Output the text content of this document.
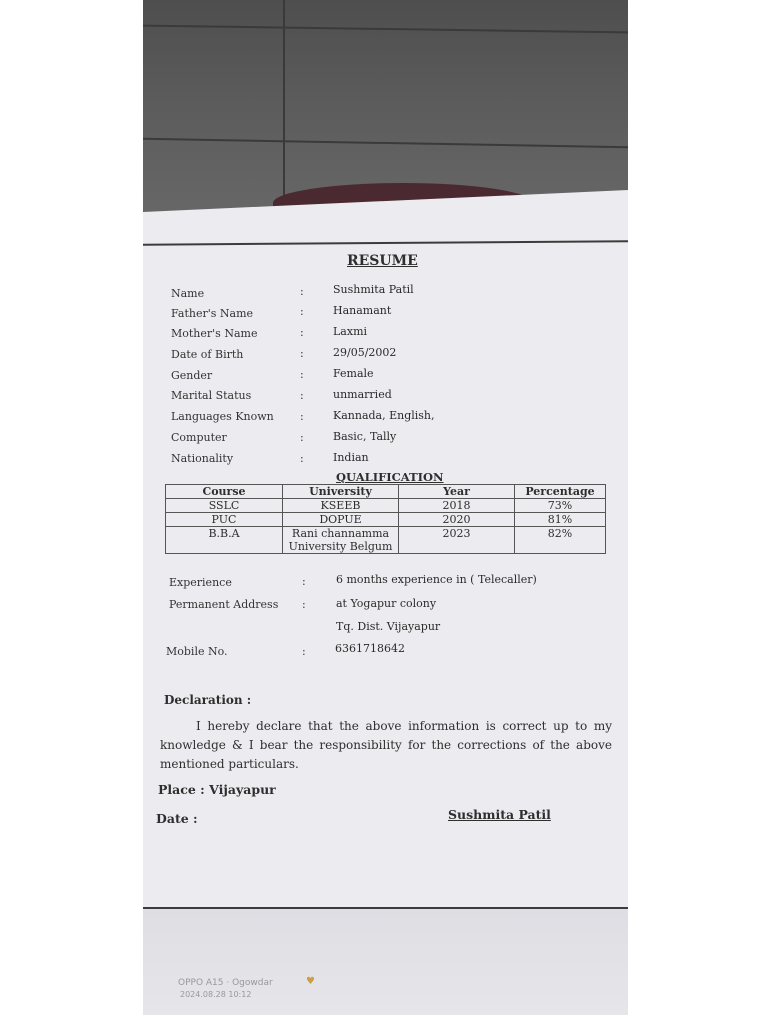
RESUME
Name	:	Sushmita Patil
Father's Name	:	Hanamant
Mother's Name	:	Laxmi
Date of Birth	:	29/05/2002
Gender	:	Female
Marital Status	:	unmarried
Languages Known :	Kannada, English,
Computer	:	Basic, Tally
Nationality	:	Indian
QUALIFICATION
Course	University	Year	Percentage
SSLC	KSEEB	2018	73%
PUC	DOPUE	2020	81%
B.B.A	Rani channamma University Belgum	2023	82%
Experience	:	6 months experience in ( Telecaller)
Permanent Address :	at Yogapur colony
Tq. Dist. Vijayapur
Mobile No.	:	6361718642
Declaration :
I hereby declare that the above information is correct up to my knowledge & I bear the responsibility for the corrections of the above mentioned particulars.
Place : Vijayapur
Date :	Sushmita Patil
OPPO A15 · Ogowdar
2024.08.28 10:12
♥
